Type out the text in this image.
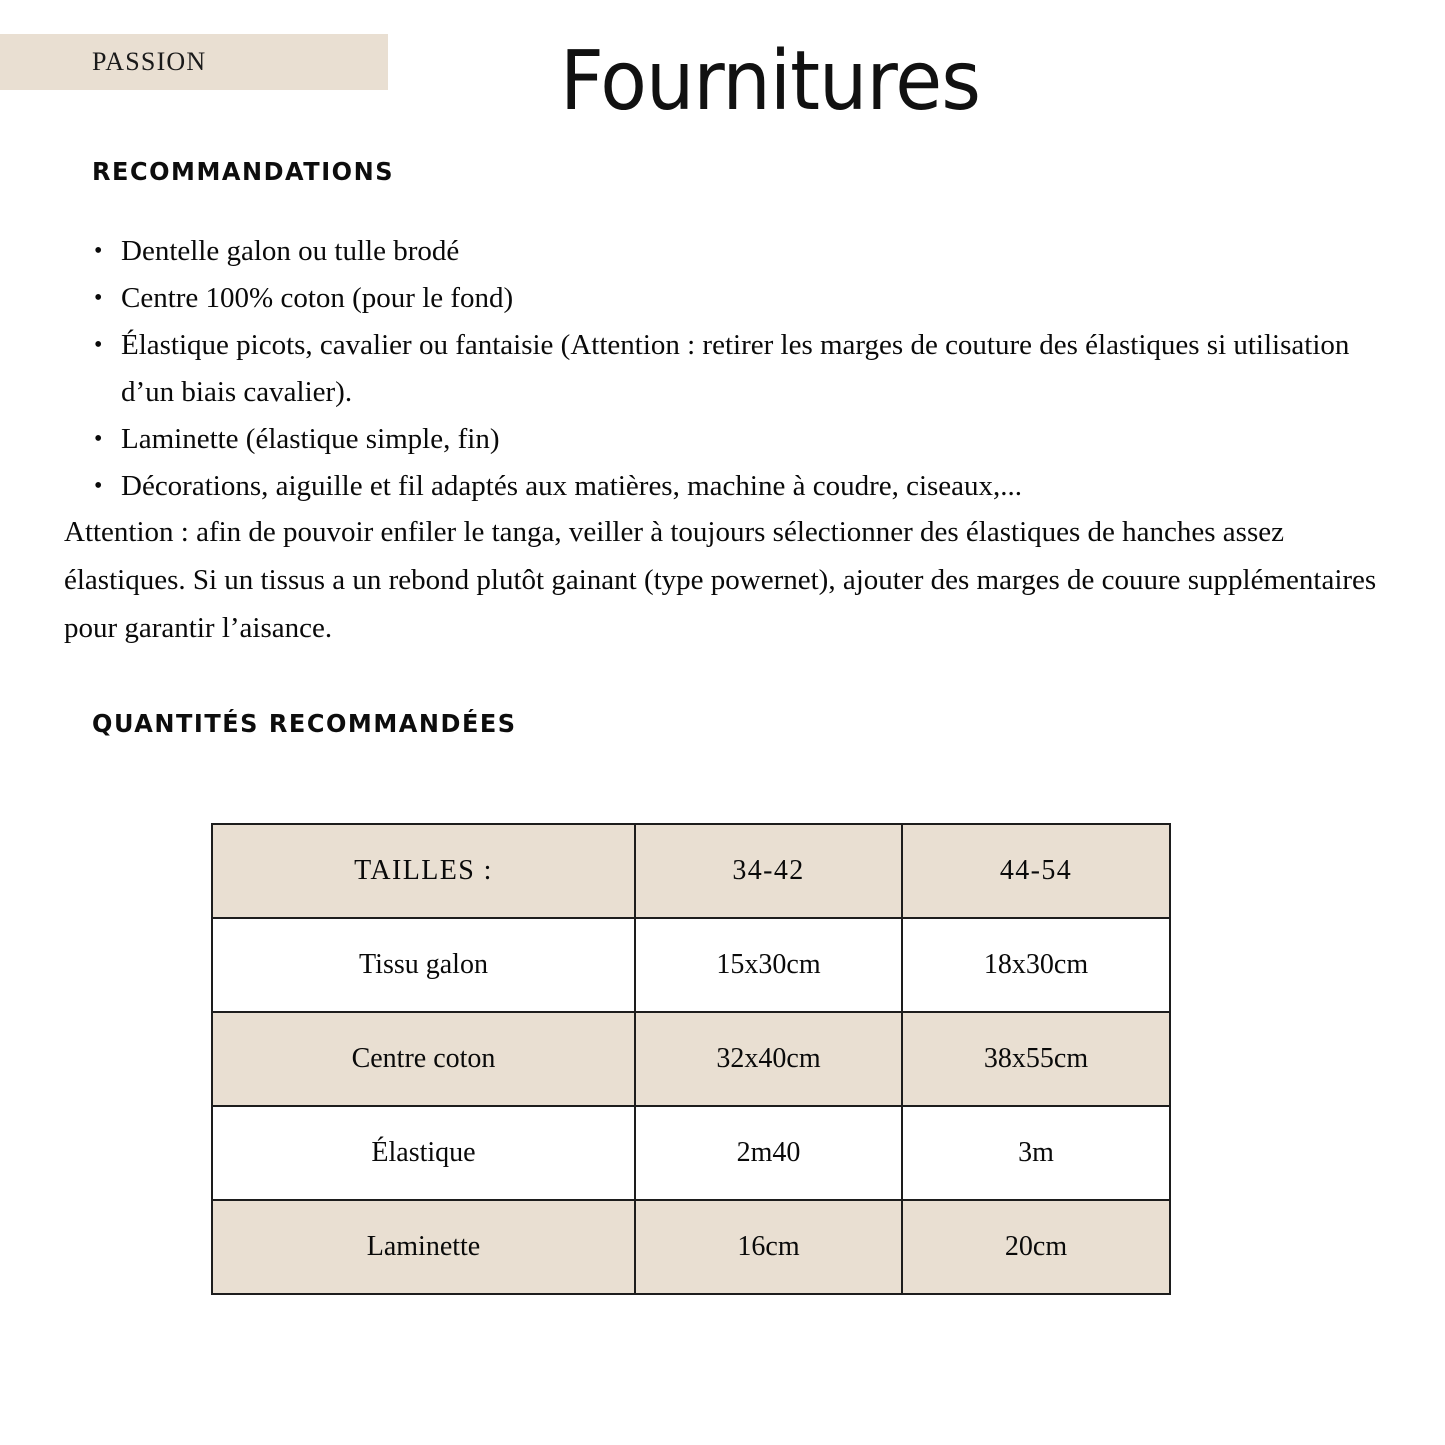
PASSION	Fournitures
RECOMMANDATIONS
• Dentelle galon ou tulle brodé
• Centre 100% coton (pour le fond)
• Élastique picots, cavalier ou fantaisie (Attention : retirer les marges de couture des élastiques si utilisation d’un biais cavalier).
• Laminette (élastique simple, fin)
• Décorations, aiguille et fil adaptés aux matières, machine à coudre, ciseaux,...

Attention : afin de pouvoir enfiler le tanga, veiller à toujours sélectionner des élastiques de hanches assez élastiques. Si un tissus a un rebond plutôt gainant (type powernet), ajouter des marges de couure supplémentaires pour garantir l’aisance.

QUANTITÉS RECOMMANDÉES
TAILLES :	34-42	44-54
Tissu galon	15x30cm	18x30cm
Centre coton	32x40cm	38x55cm
Élastique	2m40	3m
Laminette	16cm	20cm
